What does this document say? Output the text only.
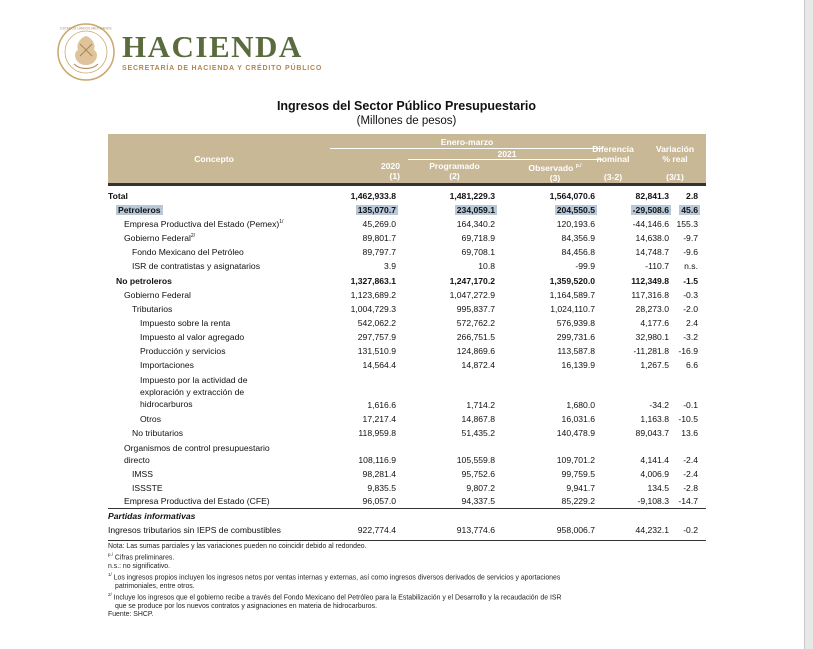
ESTADOS UNIDOS MEXICANOS
HACIENDA
SECRETARÍA DE HACIENDA Y CRÉDITO PÚBLICO
Ingresos del Sector Público Presupuestario
(Millones de pesos)
Concepto
Enero-marzo
2021
2020
(1)
Programado
(2)
Observado $^{p./}$
(3)
Diferencia
nominal
(3-2)
Variación
% real
(3/1)
Total	1,462,933.8	1,481,229.3	1,564,070.6	82,841.3 2.8
Petroleros	135,070.7	234,059.1	204,550.5	-29,508.6 45.6
Empresa Productiva del Estado (Pemex)$^{1/}$	45,269.0	164,340.2	120,193.6	-44,146.6 155.3
Gobierno Federal$^{2/}$	89,801.7	69,718.9	84,356.9	14,638.0 -9.7
Fondo Mexicano del Petróleo	89,797.7	69,708.1	84,456.8	14,748.7 -9.6
ISR de contratistas y asignatarios	3.9	10.8	-99.9	-110.7 n.s.
No petroleros	1,327,863.1	1,247,170.2	1,359,520.0	112,349.8 -1.5
Gobierno Federal	1,123,689.2	1,047,272.9	1,164,589.7	117,316.8 -0.3
Tributarios	1,004,729.3	995,837.7	1,024,110.7	28,273.0 -2.0
Impuesto sobre la renta	542,062.2	572,762.2	576,939.8	4,177.6 2.4
Impuesto al valor agregado	297,757.9	266,751.5	299,731.6	32,980.1 -3.2
Producción y servicios	131,510.9	124,869.6	113,587.8	-11,281.8 -16.9
Importaciones	14,564.4	14,872.4	16,139.9	1,267.5 6.6
Impuesto por la actividad de
exploración y extracción de
hidrocarburos	1,616.6	1,714.2	1,680.0	-34.2 -0.1
Otros	17,217.4	14,867.8	16,031.6	1,163.8 -10.5
No tributarios	118,959.8	51,435.2	140,478.9	89,043.7 13.6
Organismos de control presupuestario
directo	108,116.9	105,559.8	109,701.2	4,141.4 -2.4
IMSS	98,281.4	95,752.6	99,759.5	4,006.9 -2.4
ISSSTE	9,835.5	9,807.2	9,941.7	134.5 -2.8
Empresa Productiva del Estado (CFE)	96,057.0	94,337.5	85,229.2	-9,108.3 -14.7
Partidas informativas
Ingresos tributarios sin IEPS de combustibles	922,774.4	913,774.6	958,006.7	44,232.1 -0.2
Nota: Las sumas parciales y las variaciones pueden no coincidir debido al redondeo.
$^{p./}$ Cifras preliminares.
n.s.: no significativo.
$^{1/}$ Los ingresos propios incluyen los ingresos netos por ventas internas y externas, así como ingresos diversos derivados de servicios y aportaciones
patrimoniales, entre otros.
$^{2/}$ Incluye los ingresos que el gobierno recibe a través del Fondo Mexicano del Petróleo para la Estabilización y el Desarrollo y la recaudación de ISR
que se produce por los nuevos contratos y asignaciones en materia de hidrocarburos.
Fuente: SHCP.
